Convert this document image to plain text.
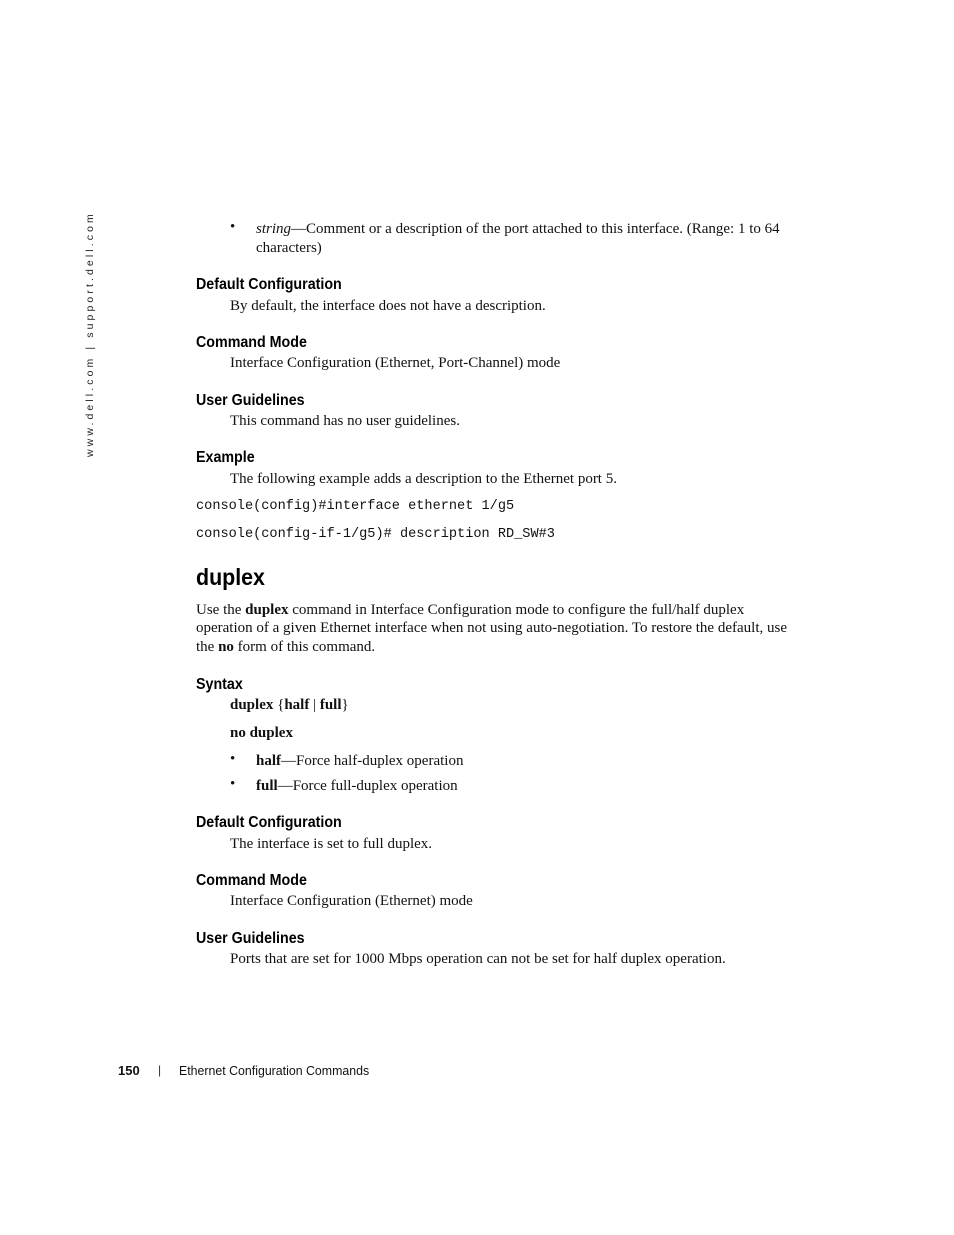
www.dell.com | support.dell.com	• string—Comment or a description of the port attached to this interface. (Range: 1 to 64
characters)
Default Configuration
By default, the interface does not have a description.
Command Mode
Interface Configuration (Ethernet, Port-Channel) mode
User Guidelines
This command has no user guidelines.
Example
The following example adds a description to the Ethernet port 5.
console(config)#interface ethernet 1/g5
console(config-if-1/g5)# description RD_SW#3
duplex
Use the duplex command in Interface Configuration mode to configure the full/half duplex
operation of a given Ethernet interface when not using auto-negotiation. To restore the default, use
the no form of this command.
Syntax
duplex {half | full}
no duplex
• half—Force half-duplex operation
• full—Force full-duplex operation
Default Configuration
The interface is set to full duplex.
Command Mode
Interface Configuration (Ethernet) mode
User Guidelines
Ports that are set for 1000 Mbps operation can not be set for half duplex operation.
150 | Ethernet Configuration Commands
